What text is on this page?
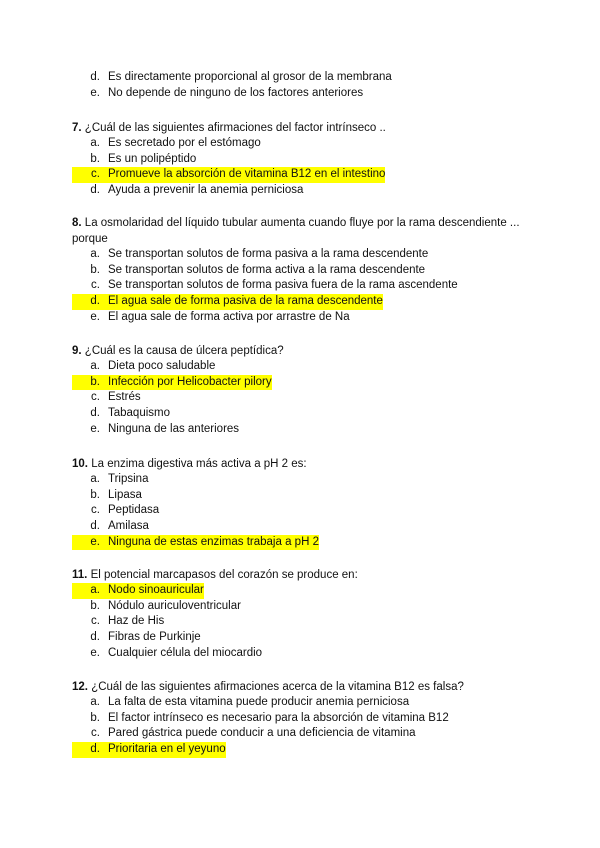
d. Es directamente proporcional al grosor de la membrana
e. No depende de ninguno de los factores anteriores
7. ¿Cuál de las siguientes afirmaciones del factor intrínseco ..
a. Es secretado por el estómago
b. Es un polipéptido
c. Promueve la absorción de vitamina B12 en el intestino
d. Ayuda a prevenir la anemia perniciosa
8. La osmolaridad del líquido tubular aumenta cuando fluye por la rama descendiente ... porque
a. Se transportan solutos de forma pasiva a la rama descendente
b. Se transportan solutos de forma activa a la rama descendente
c. Se transportan solutos de forma pasiva fuera de la rama ascendente
d. El agua sale de forma pasiva de la rama descendente
e. El agua sale de forma activa por arrastre de Na
9. ¿Cuál es la causa de úlcera peptídica?
a. Dieta poco saludable
b. Infección por Helicobacter pilory
c. Estrés
d. Tabaquismo
e. Ninguna de las anteriores
10. La enzima digestiva más activa a pH 2 es:
a. Tripsina
b. Lipasa
c. Peptidasa
d. Amilasa
e. Ninguna de estas enzimas trabaja a pH 2
11. El potencial marcapasos del corazón se produce en:
a. Nodo sinoauricular
b. Nódulo auriculoventricular
c. Haz de His
d. Fibras de Purkinje
e. Cualquier célula del miocardio
12. ¿Cuál de las siguientes afirmaciones acerca de la vitamina B12 es falsa?
a. La falta de esta vitamina puede producir anemia perniciosa
b. El factor intrínseco es necesario para la absorción de vitamina B12
c. Pared gástrica puede conducir a una deficiencia de vitamina
d. Prioritaria en el yeyuno
